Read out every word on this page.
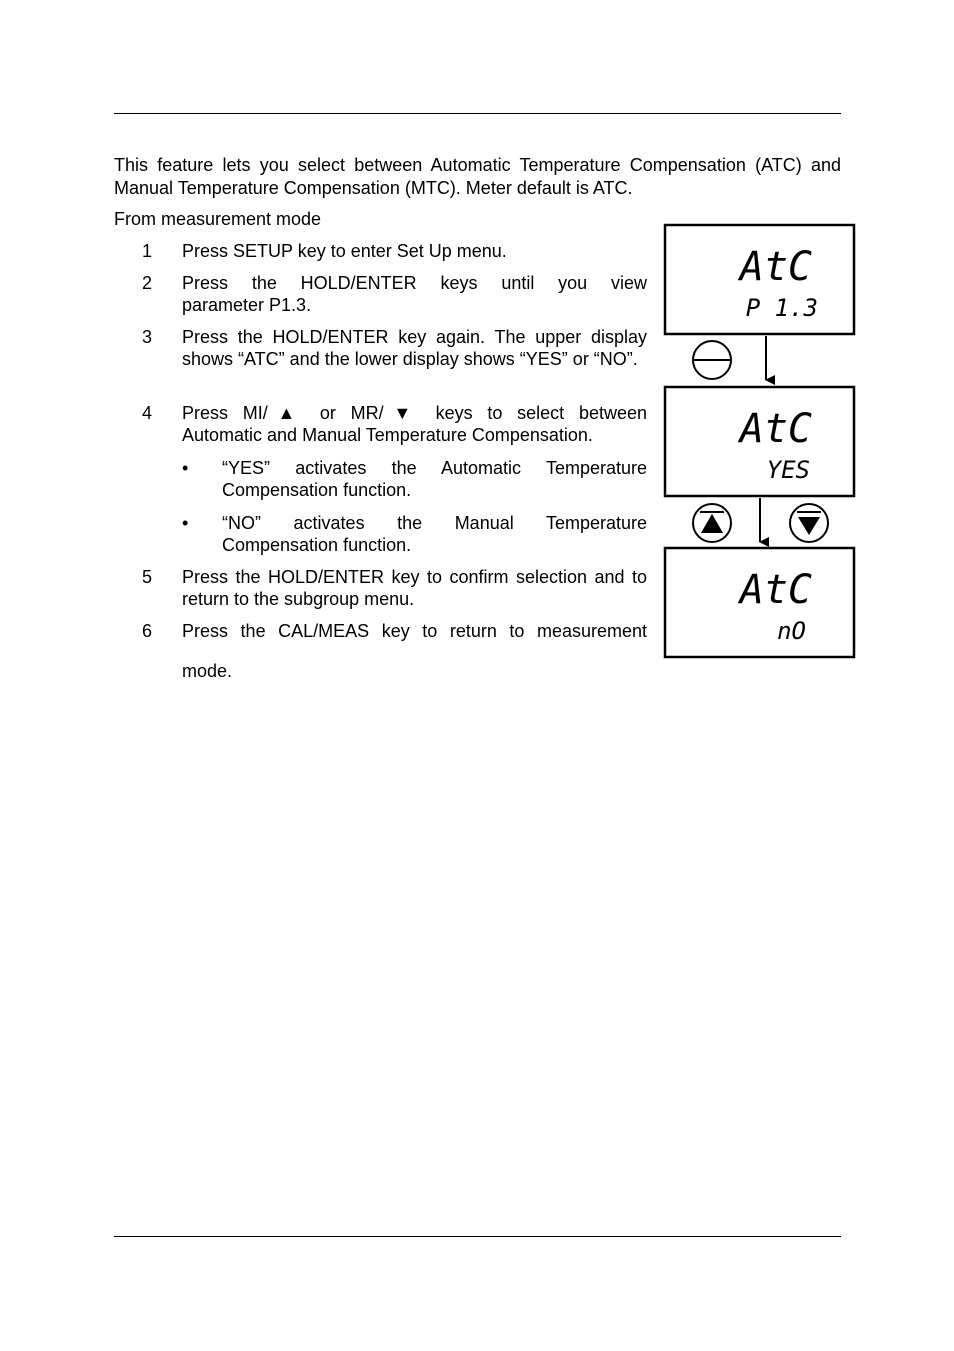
This feature lets you select between Automatic Temperature Compensation (ATC) and Manual Temperature Compensation (MTC). Meter default is ATC.

From measurement mode

1	Press SETUP key to enter Set Up menu.
2	Press the HOLD/ENTER keys until you view
parameter P1.3.
3	Press the HOLD/ENTER key again. The upper display shows “ATC” and the lower display shows “YES” or “NO”.
4	Press MI/▲ or MR/▼ keys to select between
Automatic and Manual Temperature Compensation.
• “YES” activates the Automatic Temperature
Compensation function.
• “NO” activates the Manual Temperature
Compensation function.
5	Press the HOLD/ENTER key to confirm selection and to return to the subgroup menu.
6	Press the CAL/MEAS key to return to measurement
mode.
AtC
P 1.3
AtC
YES
AtC
nO
